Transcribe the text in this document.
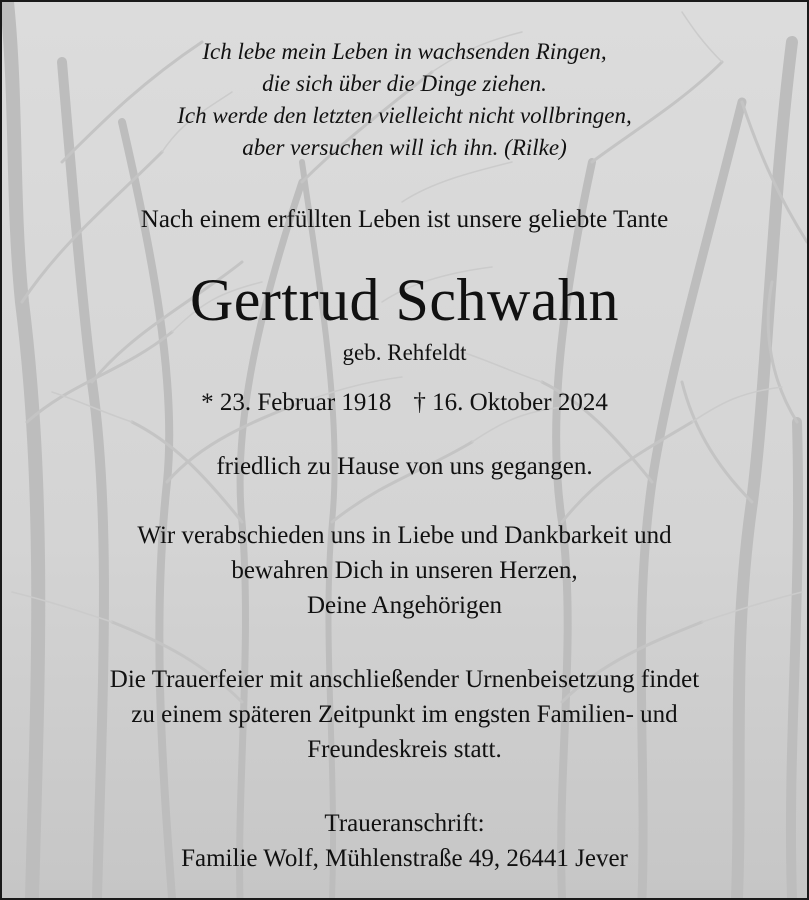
Ich lebe mein Leben in wachsenden Ringen,
die sich über die Dinge ziehen.
Ich werde den letzten vielleicht nicht vollbringen,
aber versuchen will ich ihn. (Rilke)
Nach einem erfüllten Leben ist unsere geliebte Tante
Gertrud Schwahn
geb. Rehfeldt
* 23. Februar 1918 † 16. Oktober 2024
friedlich zu Hause von uns gegangen.
Wir verabschieden uns in Liebe und Dankbarkeit und
bewahren Dich in unseren Herzen,
Deine Angehörigen
Die Trauerfeier mit anschließender Urnenbeisetzung findet
zu einem späteren Zeitpunkt im engsten Familien- und
Freundeskreis statt.
Traueranschrift:
Familie Wolf, Mühlenstraße 49, 26441 Jever
